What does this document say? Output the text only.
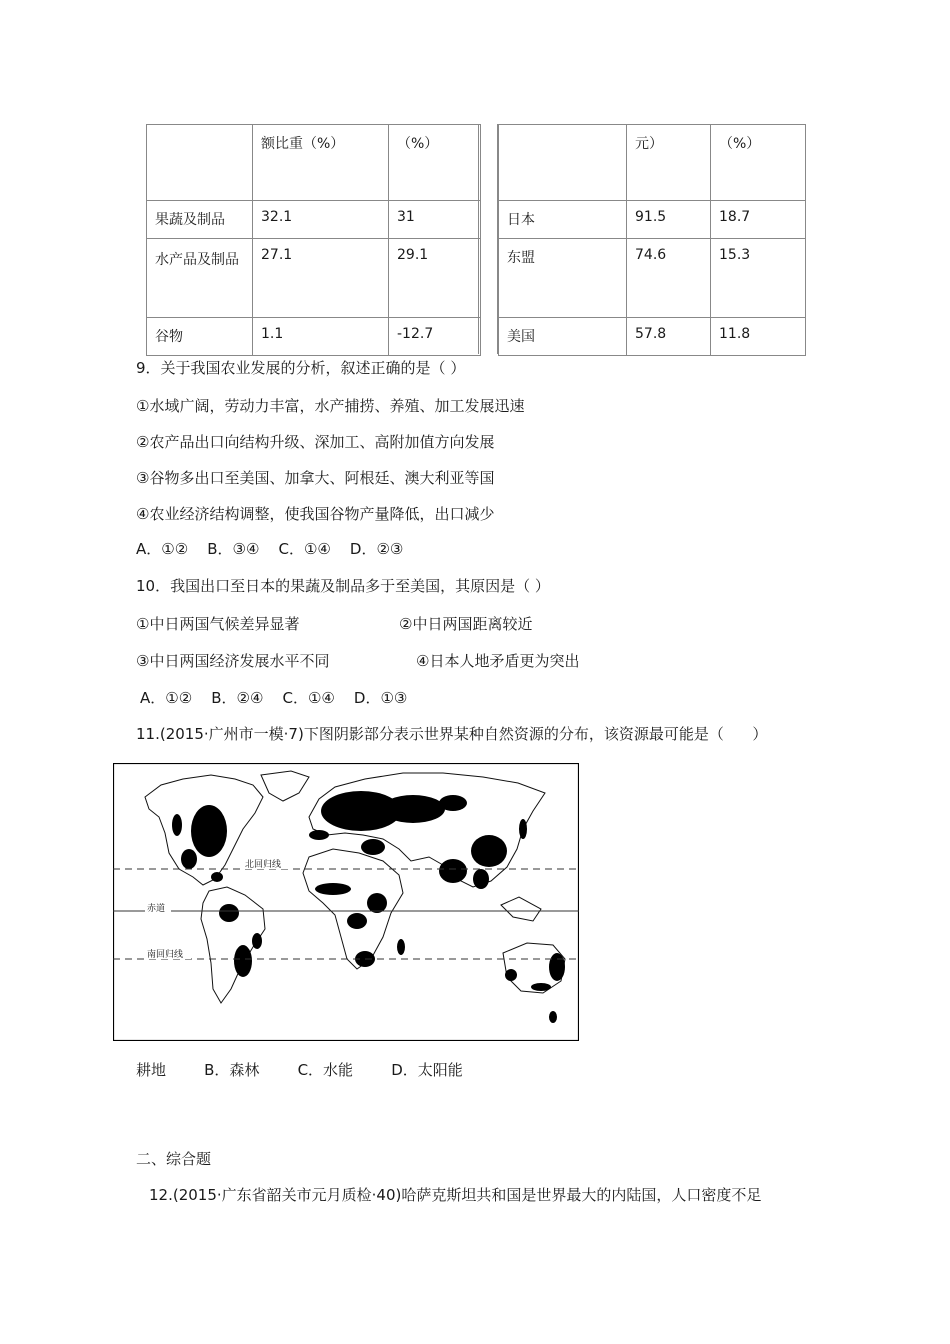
	额比重（%）	（%）
果蔬及制品	32.1	31
水产品及制品	27.1	29.1
谷物	1.1	-12.7
	元）	（%）
日本	91.5	18.7
东盟	74.6	15.3
美国	57.8	11.8
9．关于我国农业发展的分析，叙述正确的是（ ）
①水域广阔，劳动力丰富，水产捕捞、养殖、加工发展迅速
②农产品出口向结构升级、深加工、高附加值方向发展
③谷物多出口至美国、加拿大、阿根廷、澳大利亚等国
④农业经济结构调整，使我国谷物产量降低，出口减少
A．①②    B．③④    C．①④    D．②③
10．我国出口至日本的果蔬及制品多于至美国，其原因是（ ）
①中日两国气候差异显著	②中日两国距离较近
③中日两国经济发展水平不同	④日本人地矛盾更为突出
A．①②    B．②④    C．①④    D．①③
11.(2015·广州市一模·7)下图阴影部分表示世界某种自然资源的分布，该资源最可能是（      ）
北回归线
赤道
南回归线
耕地        B．森林        C．水能        D．太阳能
二、综合题
12.(2015·广东省韶关市元月质检·40)哈萨克斯坦共和国是世界最大的内陆国，人口密度不足
